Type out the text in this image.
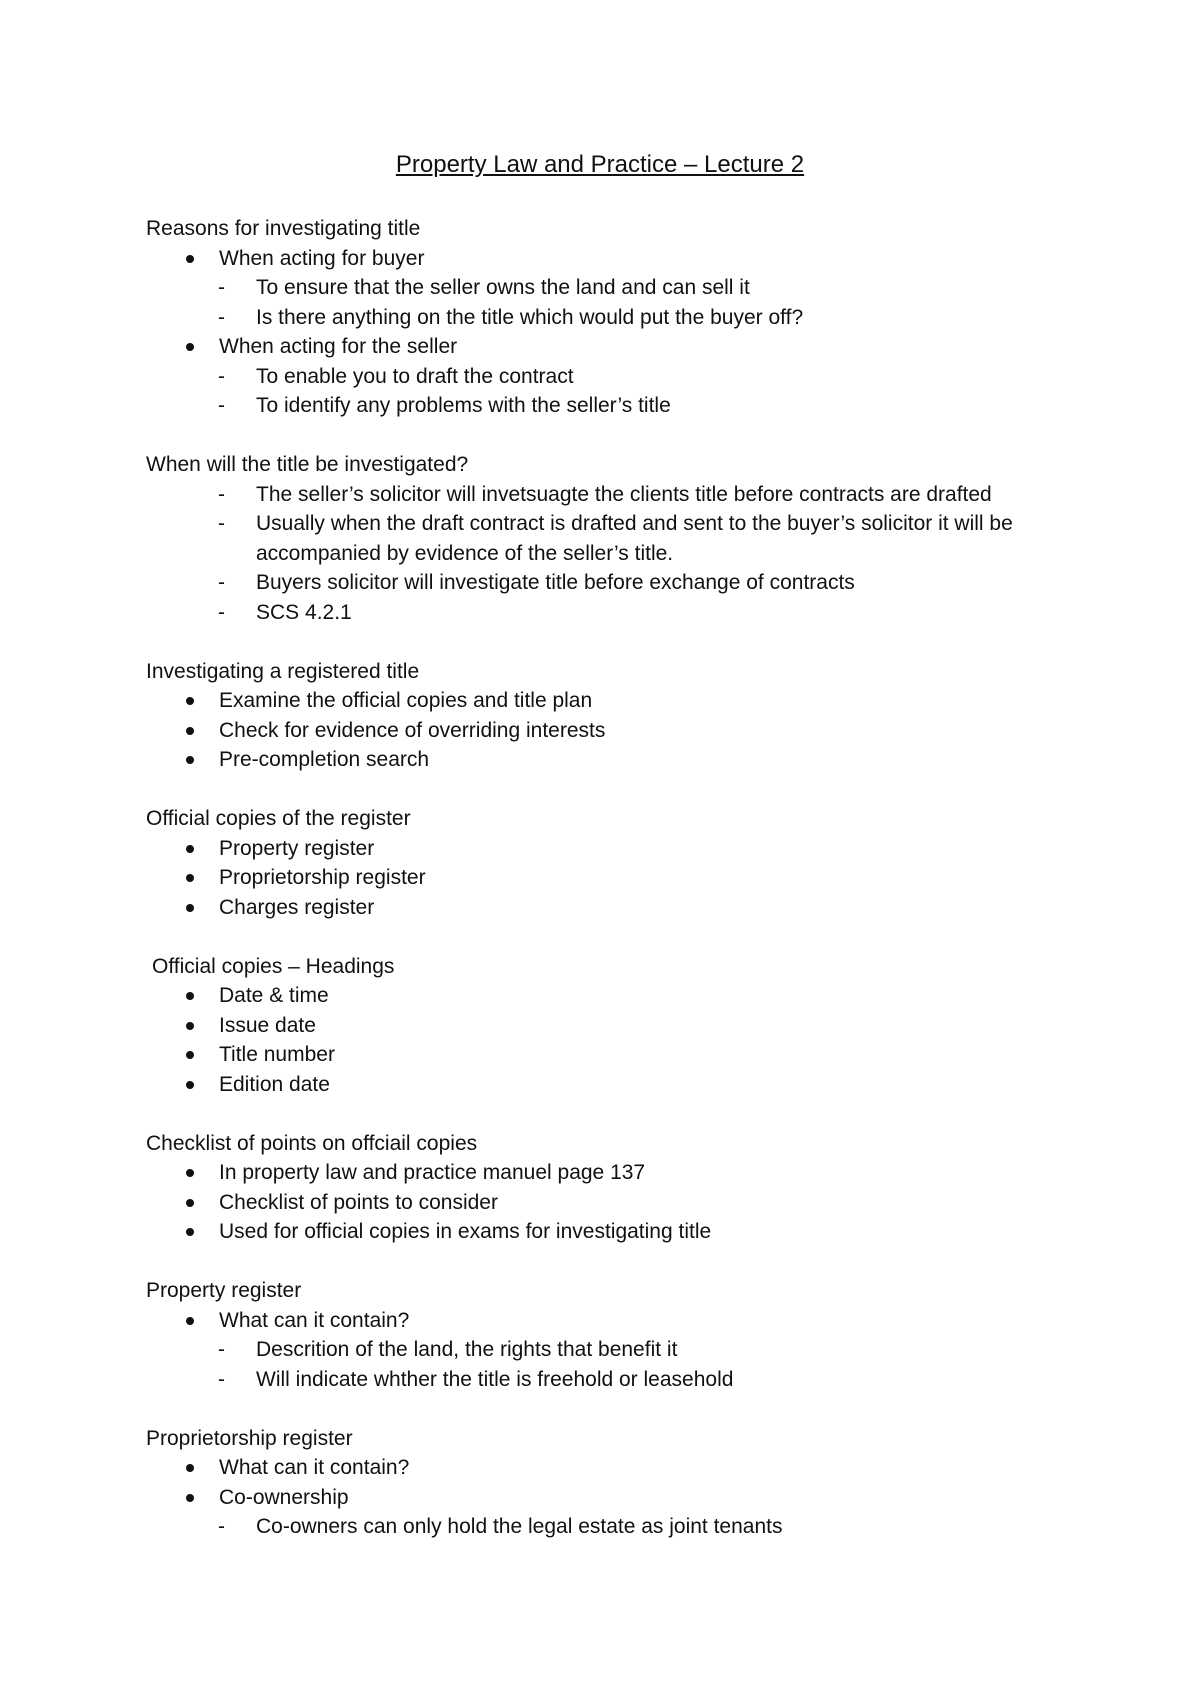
Property Law and Practice – Lecture 2
Reasons for investigating title
When acting for buyer
- To ensure that the seller owns the land and can sell it
- Is there anything on the title which would put the buyer off?
When acting for the seller
- To enable you to draft the contract
- To identify any problems with the seller’s title
When will the title be investigated?
- The seller’s solicitor will invetsuagte the clients title before contracts are drafted
- Usually when the draft contract is drafted and sent to the buyer’s solicitor it will be accompanied by evidence of the seller’s title.
- Buyers solicitor will investigate title before exchange of contracts
- SCS 4.2.1
Investigating a registered title
Examine the official copies and title plan
Check for evidence of overriding interests
Pre-completion search
Official copies of the register
Property register
Proprietorship register
Charges register
Official copies – Headings
Date & time
Issue date
Title number
Edition date
Checklist of points on offciail copies
In property law and practice manuel page 137
Checklist of points to consider
Used for official copies in exams for investigating title
Property register
What can it contain?
- Descrition of the land, the rights that benefit it
- Will indicate whther the title is freehold or leasehold
Proprietorship register
What can it contain?
Co-ownership
- Co-owners can only hold the legal estate as joint tenants
